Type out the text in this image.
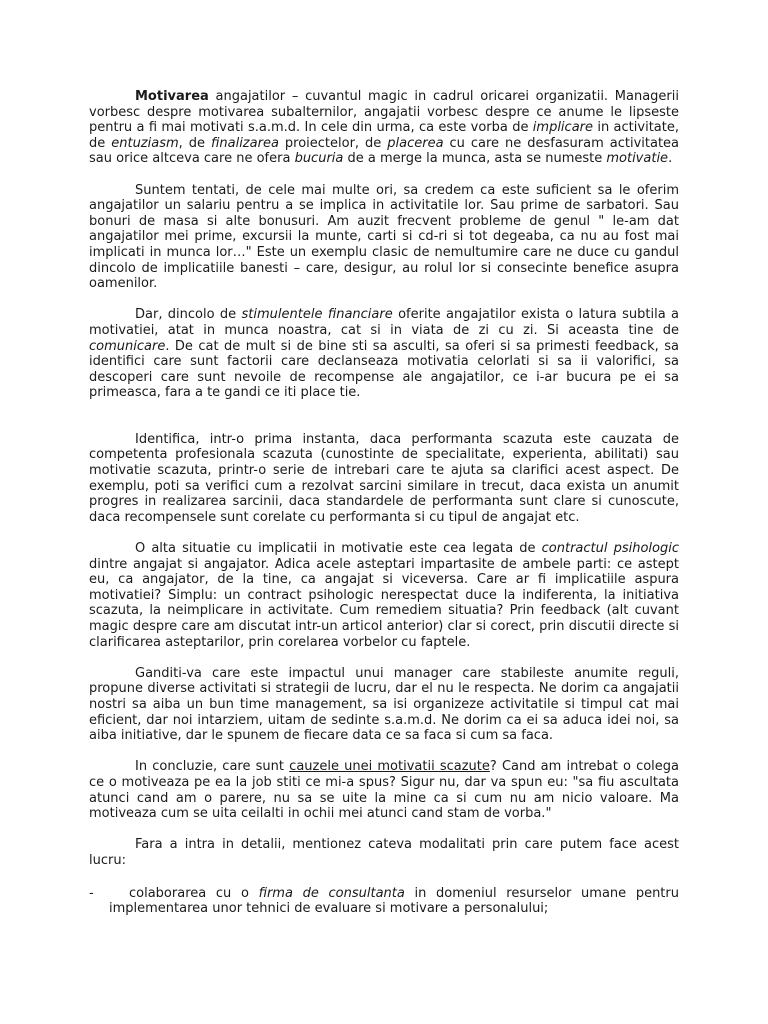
Motivarea angajatilor – cuvantul magic in cadrul oricarei organizatii. Managerii vorbesc despre motivarea subalternilor, angajatii vorbesc despre ce anume le lipseste pentru a fi mai motivati s.a.m.d. In cele din urma, ca este vorba de implicare in activitate, de entuziasm, de finalizarea proiectelor, de placerea cu care ne desfasuram activitatea sau orice altceva care ne ofera bucuria de a merge la munca, asta se numeste motivatie.

Suntem tentati, de cele mai multe ori, sa credem ca este suficient sa le oferim angajatilor un salariu pentru a se implica in activitatile lor. Sau prime de sarbatori. Sau bonuri de masa si alte bonusuri. Am auzit frecvent probleme de genul " le-am dat angajatilor mei prime, excursii la munte, carti si cd-ri si tot degeaba, ca nu au fost mai implicati in munca lor…" Este un exemplu clasic de nemultumire care ne duce cu gandul dincolo de implicatiile banesti – care, desigur, au rolul lor si consecinte benefice asupra oamenilor.

Dar, dincolo de stimulentele financiare oferite angajatilor exista o latura subtila a motivatiei, atat in munca noastra, cat si in viata de zi cu zi. Si aceasta tine de comunicare. De cat de mult si de bine sti sa asculti, sa oferi si sa primesti feedback, sa identifici care sunt factorii care declanseaza motivatia celorlati si sa ii valorifici, sa descoperi care sunt nevoile de recompense ale angajatilor, ce i-ar bucura pe ei sa primeasca, fara a te gandi ce iti place tie.

Identifica, intr-o prima instanta, daca performanta scazuta este cauzata de competenta profesionala scazuta (cunostinte de specialitate, experienta, abilitati) sau motivatie scazuta, printr-o serie de intrebari care te ajuta sa clarifici acest aspect. De exemplu, poti sa verifici cum a rezolvat sarcini similare in trecut, daca exista un anumit progres in realizarea sarcinii, daca standardele de performanta sunt clare si cunoscute, daca recompensele sunt corelate cu performanta si cu tipul de angajat etc.

O alta situatie cu implicatii in motivatie este cea legata de contractul psihologic dintre angajat si angajator. Adica acele asteptari impartasite de ambele parti: ce astept eu, ca angajator, de la tine, ca angajat si viceversa. Care ar fi implicatiile aspura motivatiei? Simplu: un contract psihologic nerespectat duce la indiferenta, la initiativa scazuta, la neimplicare in activitate. Cum remediem situatia? Prin feedback (alt cuvant magic despre care am discutat intr-un articol anterior) clar si corect, prin discutii directe si clarificarea asteptarilor, prin corelarea vorbelor cu faptele.

Ganditi-va care este impactul unui manager care stabileste anumite reguli, propune diverse activitati si strategii de lucru, dar el nu le respecta. Ne dorim ca angajatii nostri sa aiba un bun time management, sa isi organizeze activitatile si timpul cat mai eficient, dar noi intarziem, uitam de sedinte s.a.m.d. Ne dorim ca ei sa aduca idei noi, sa aiba initiative, dar le spunem de fiecare data ce sa faca si cum sa faca.

In concluzie, care sunt cauzele unei motivatii scazute? Cand am intrebat o colega ce o motiveaza pe ea la job stiti ce mi-a spus? Sigur nu, dar va spun eu: "sa fiu ascultata atunci cand am o parere, nu sa se uite la mine ca si cum nu am nicio valoare. Ma motiveaza cum se uita ceilalti in ochii mei atunci cand stam de vorba."

Fara a intra in detalii, mentionez cateva modalitati prin care putem face acest lucru:

-	colaborarea cu o firma de consultanta in domeniul resurselor umane pentru implementarea unor tehnici de evaluare si motivare a personalului;
